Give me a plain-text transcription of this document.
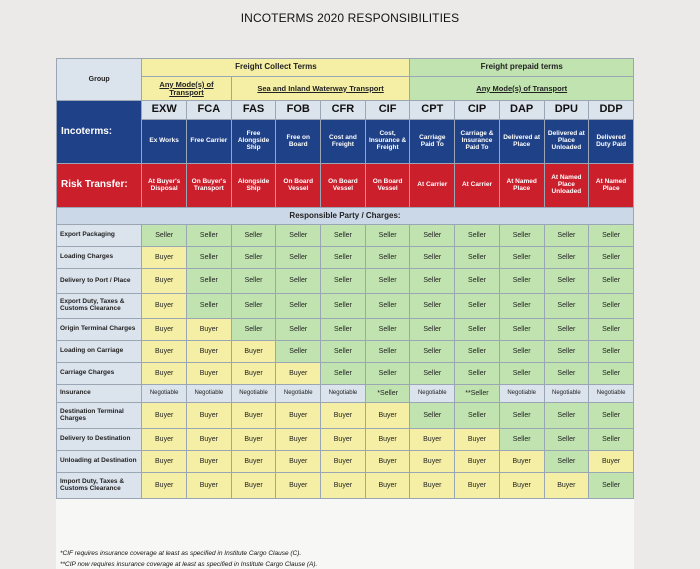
INCOTERMS 2020 RESPONSIBILITIES
Group	Freight Collect Terms						Freight prepaid terms				
	Any Mode(s) of Transport		Sea and Inland Waterway Transport				Any Mode(s) of Transport				
Incoterms:	EXW	FCA	FAS	FOB	CFR	CIF	CPT	CIP	DAP	DPU	DDP
	Ex Works	Free Carrier	Free Alongside Ship	Free on Board	Cost and Freight	Cost, Insurance & Freight	Carriage Paid To	Carriage & Insurance Paid To	Delivered at Place	Delivered at Place Unloaded	Delivered Duty Paid
Risk Transfer:	At Buyer's Disposal	On Buyer's Transport	Alongside Ship	On Board Vessel	On Board Vessel	On Board Vessel	At Carrier	At Carrier	At Named Place	At Named Place Unloaded	At Named Place
Responsible Party / Charges:											
Export Packaging	Seller	Seller	Seller	Seller	Seller	Seller	Seller	Seller	Seller	Seller	Seller
Loading Charges	Buyer	Seller	Seller	Seller	Seller	Seller	Seller	Seller	Seller	Seller	Seller
Delivery to Port / Place	Buyer	Seller	Seller	Seller	Seller	Seller	Seller	Seller	Seller	Seller	Seller
Export Duty, Taxes & Customs Clearance	Buyer	Seller	Seller	Seller	Seller	Seller	Seller	Seller	Seller	Seller	Seller
Origin Terminal Charges	Buyer	Buyer	Seller	Seller	Seller	Seller	Seller	Seller	Seller	Seller	Seller
Loading on Carriage	Buyer	Buyer	Buyer	Seller	Seller	Seller	Seller	Seller	Seller	Seller	Seller
Carriage Charges	Buyer	Buyer	Buyer	Buyer	Seller	Seller	Seller	Seller	Seller	Seller	Seller
Insurance	Negotiable	Negotiable	Negotiable	Negotiable	Negotiable	*Seller	Negotiable	**Seller	Negotiable	Negotiable	Negotiable
Destination Terminal Charges	Buyer	Buyer	Buyer	Buyer	Buyer	Buyer	Seller	Seller	Seller	Seller	Seller
Delivery to Destination	Buyer	Buyer	Buyer	Buyer	Buyer	Buyer	Buyer	Buyer	Seller	Seller	Seller
Unloading at Destination	Buyer	Buyer	Buyer	Buyer	Buyer	Buyer	Buyer	Buyer	Buyer	Seller	Buyer
Import Duty, Taxes & Customs Clearance	Buyer	Buyer	Buyer	Buyer	Buyer	Buyer	Buyer	Buyer	Buyer	Buyer	Seller
*CIF requires insurance coverage at least as specified in Institute Cargo Clause (C).
**CIP now requires insurance coverage at least as specified in Institute Cargo Clause (A).
